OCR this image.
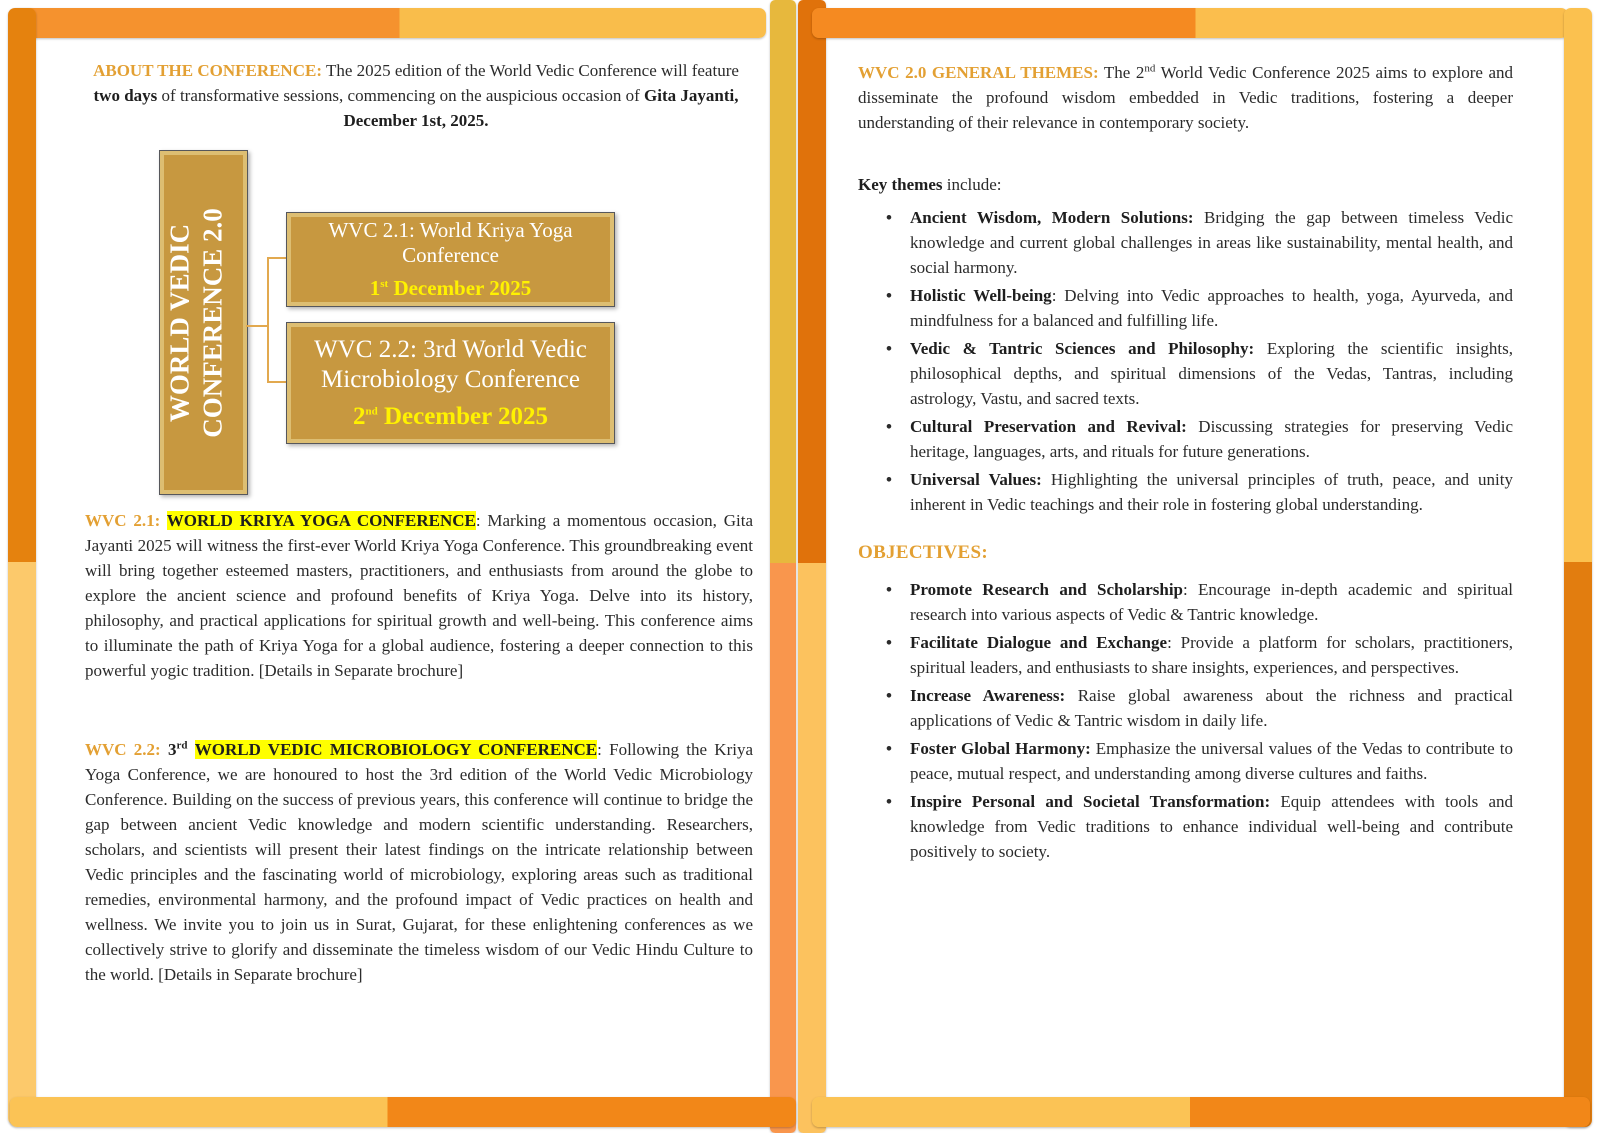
ABOUT THE CONFERENCE: The 2025 edition of the World Vedic Conference will feature two days of transformative sessions, commencing on the auspicious occasion of Gita Jayanti, December 1st, 2025.
WORLD VEDIC CONFERENCE 2.0	WVC 2.1: World Kriya Yoga Conference
1st December 2025
WVC 2.2: 3rd World Vedic Microbiology Conference
2nd December 2025
WVC 2.1: WORLD KRIYA YOGA CONFERENCE: Marking a momentous occasion, Gita Jayanti 2025 will witness the first-ever World Kriya Yoga Conference. This groundbreaking event will bring together esteemed masters, practitioners, and enthusiasts from around the globe to explore the ancient science and profound benefits of Kriya Yoga. Delve into its history, philosophy, and practical applications for spiritual growth and well-being. This conference aims to illuminate the path of Kriya Yoga for a global audience, fostering a deeper connection to this powerful yogic tradition. [Details in Separate brochure]
WVC 2.2: 3rd WORLD VEDIC MICROBIOLOGY CONFERENCE: Following the Kriya Yoga Conference, we are honoured to host the 3rd edition of the World Vedic Microbiology Conference. Building on the success of previous years, this conference will continue to bridge the gap between ancient Vedic knowledge and modern scientific understanding. Researchers, scholars, and scientists will present their latest findings on the intricate relationship between Vedic principles and the fascinating world of microbiology, exploring areas such as traditional remedies, environmental harmony, and the profound impact of Vedic practices on health and wellness. We invite you to join us in Surat, Gujarat, for these enlightening conferences as we collectively strive to glorify and disseminate the timeless wisdom of our Vedic Hindu Culture to the world. [Details in Separate brochure]
WVC 2.0 GENERAL THEMES: The 2nd World Vedic Conference 2025 aims to explore and disseminate the profound wisdom embedded in Vedic traditions, fostering a deeper understanding of their relevance in contemporary society.
Key themes include:
• Ancient Wisdom, Modern Solutions: Bridging the gap between timeless Vedic knowledge and current global challenges in areas like sustainability, mental health, and social harmony.
• Holistic Well-being: Delving into Vedic approaches to health, yoga, Ayurveda, and mindfulness for a balanced and fulfilling life.
• Vedic & Tantric Sciences and Philosophy: Exploring the scientific insights, philosophical depths, and spiritual dimensions of the Vedas, Tantras, including astrology, Vastu, and sacred texts.
• Cultural Preservation and Revival: Discussing strategies for preserving Vedic heritage, languages, arts, and rituals for future generations.
• Universal Values: Highlighting the universal principles of truth, peace, and unity inherent in Vedic teachings and their role in fostering global understanding.
OBJECTIVES:
• Promote Research and Scholarship: Encourage in-depth academic and spiritual research into various aspects of Vedic & Tantric knowledge.
• Facilitate Dialogue and Exchange: Provide a platform for scholars, practitioners, spiritual leaders, and enthusiasts to share insights, experiences, and perspectives.
• Increase Awareness: Raise global awareness about the richness and practical applications of Vedic & Tantric wisdom in daily life.
• Foster Global Harmony: Emphasize the universal values of the Vedas to contribute to peace, mutual respect, and understanding among diverse cultures and faiths.
• Inspire Personal and Societal Transformation: Equip attendees with tools and knowledge from Vedic traditions to enhance individual well-being and contribute positively to society.
